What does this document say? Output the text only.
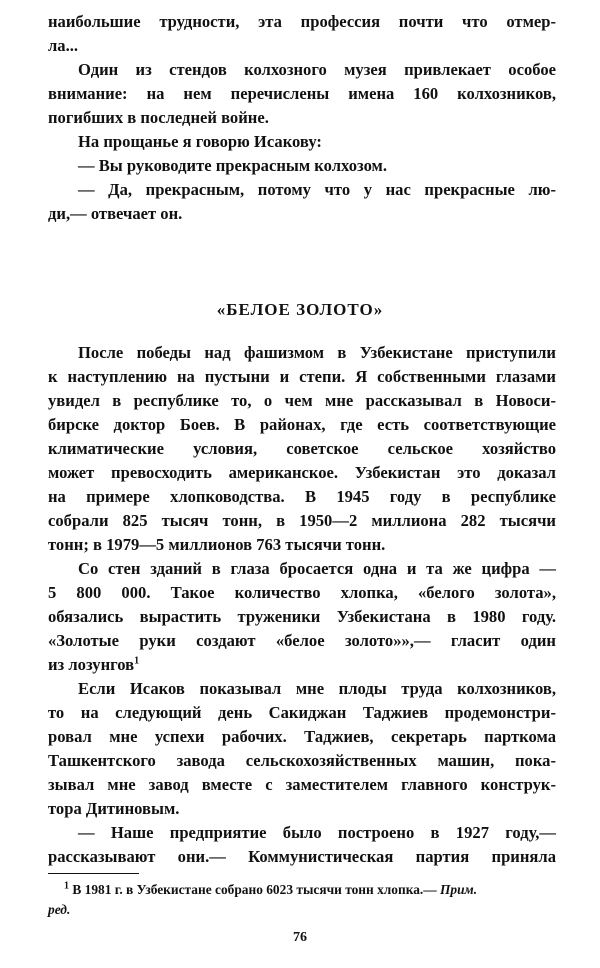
наибольшие трудности, эта профессия почти что отмер-
ла...
Один из стендов колхозного музея привлекает особое
внимание: на нем перечислены имена 160 колхозников,
погибших в последней войне.
На прощанье я говорю Исакову:
— Вы руководите прекрасным колхозом.
— Да, прекрасным, потому что у нас прекрасные лю-
ди,— отвечает он.
«БЕЛОЕ ЗОЛОТО»
После победы над фашизмом в Узбекистане приступили
к наступлению на пустыни и степи. Я собственными глазами
увидел в республике то, о чем мне рассказывал в Новоси-
бирске доктор Боев. В районах, где есть соответствующие
климатические условия, советское сельское хозяйство
может превосходить американское. Узбекистан это доказал
на примере хлопководства. В 1945 году в республике
собрали 825 тысяч тонн, в 1950—2 миллиона 282 тысячи
тонн; в 1979—5 миллионов 763 тысячи тонн.
Со стен зданий в глаза бросается одна и та же цифра —
5 800 000. Такое количество хлопка, «белого золота»,
обязались вырастить труженики Узбекистана в 1980 году.
«Золотые руки создают «белое золото»»,— гласит один
из лозунгов$^1$
Если Исаков показывал мне плоды труда колхозников,
то на следующий день Сакиджан Таджиев продемонстри-
ровал мне успехи рабочих. Таджиев, секретарь парткома
Ташкентского завода сельскохозяйственных машин, пока-
зывал мне завод вместе с заместителем главного конструк-
тора Дитиновым.
— Наше предприятие было построено в 1927 году,—
рассказывают они.— Коммунистическая партия приняла
$^1$ В 1981 г. в Узбекистане собрано 6023 тысячи тонн хлопка.— Прим.
ред.
76
